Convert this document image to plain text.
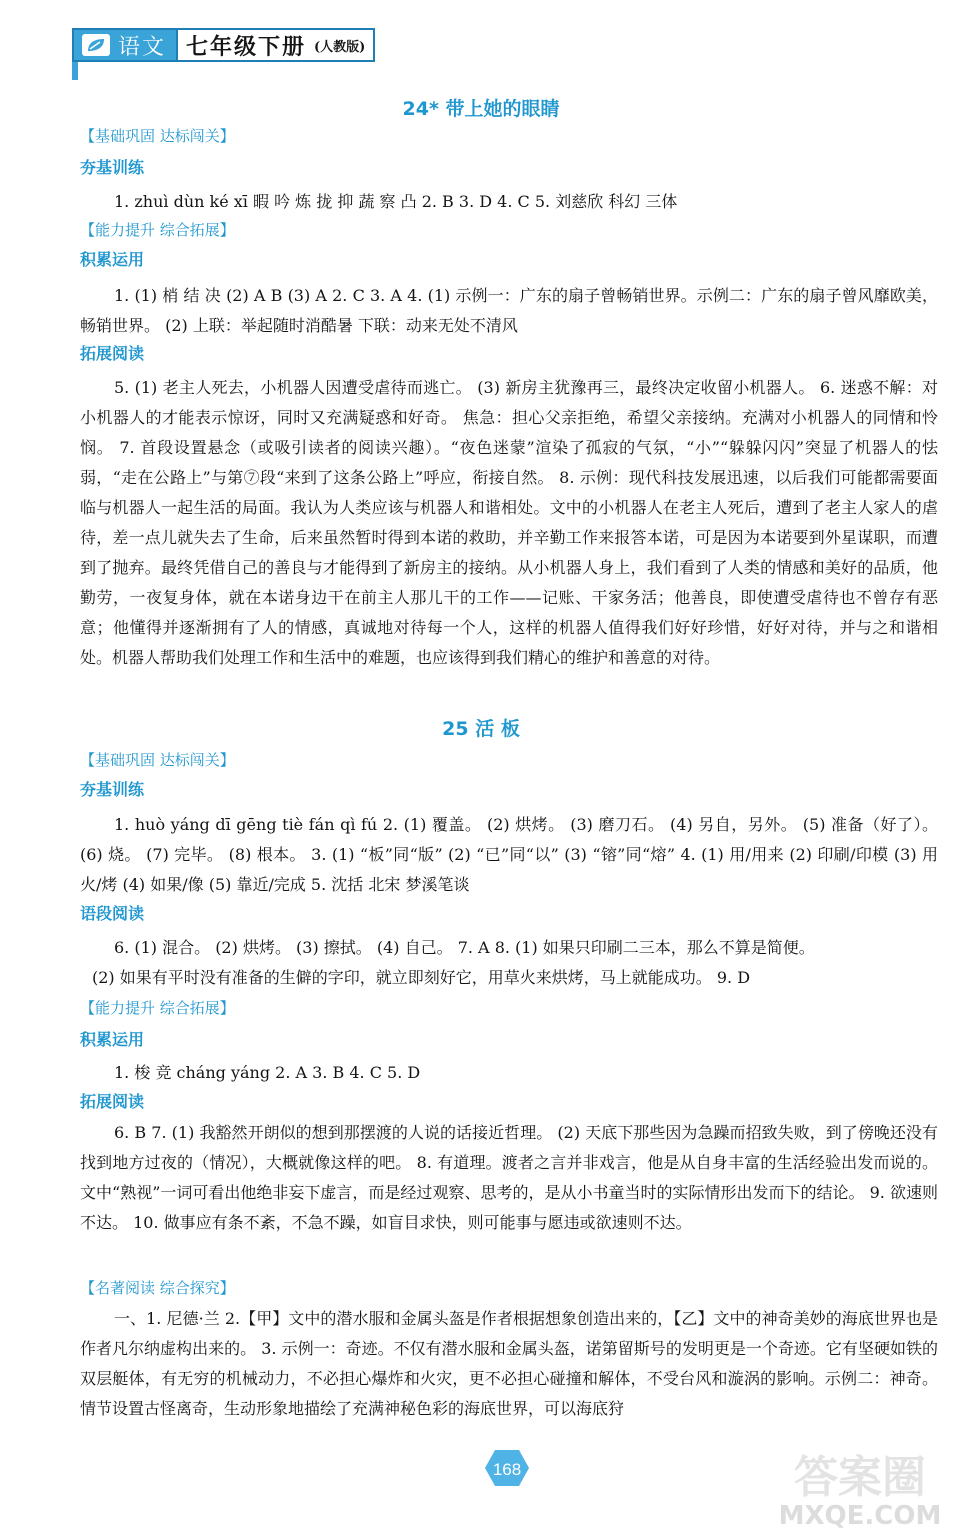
语文 七年级下册 (人教版)
24* 带上她的眼睛
【基础巩固 达标闯关】
夯基训练
1. zhuì dùn ké xī 暇 吟 炼 拢 抑 蔬 察 凸 2. B 3. D 4. C 5. 刘慈欣 科幻 三体
【能力提升 综合拓展】
积累运用
1. (1) 梢 结 决 (2) A B (3) A 2. C 3. A 4. (1) 示例一：广东的扇子曾畅销世界。示例二：广东的扇子曾风靡欧美，畅销世界。 (2) 上联：举起随时消酷暑 下联：动来无处不清风
拓展阅读
5. (1) 老主人死去，小机器人因遭受虐待而逃亡。 (3) 新房主犹豫再三，最终决定收留小机器人。 6. 迷惑不解：对小机器人的才能表示惊讶，同时又充满疑惑和好奇。 焦急：担心父亲拒绝，希望父亲接纳。充满对小机器人的同情和怜悯。 7. 首段设置悬念（或吸引读者的阅读兴趣）。“夜色迷蒙”渲染了孤寂的气氛，“小”“躲躲闪闪”突显了机器人的怯弱，“走在公路上”与第⑦段“来到了这条公路上”呼应，衔接自然。 8. 示例：现代科技发展迅速，以后我们可能都需要面临与机器人一起生活的局面。我认为人类应该与机器人和谐相处。文中的小机器人在老主人死后，遭到了老主人家人的虐待，差一点儿就失去了生命，后来虽然暂时得到本诺的救助，并辛勤工作来报答本诺，可是因为本诺要到外星谋职，而遭到了抛弃。最终凭借自己的善良与才能得到了新房主的接纳。从小机器人身上，我们看到了人类的情感和美好的品质，他勤劳，一夜复身体，就在本诺身边干在前主人那儿干的工作——记账、干家务活；他善良，即使遭受虐待也不曾存有恶意；他懂得并逐渐拥有了人的情感，真诚地对待每一个人，这样的机器人值得我们好好珍惜，好好对待，并与之和谐相处。机器人帮助我们处理工作和生活中的难题，也应该得到我们精心的维护和善意的对待。
25 活 板
【基础巩固 达标闯关】
夯基训练
1. huò yáng dī gēng tiè fán qì fú 2. (1) 覆盖。 (2) 烘烤。 (3) 磨刀石。 (4) 另自，另外。 (5) 准备（好了）。 (6) 烧。 (7) 完毕。 (8) 根本。 3. (1) “板”同“版” (2) “已”同“以” (3) “镕”同“熔” 4. (1) 用/用来 (2) 印刷/印模 (3) 用火/烤 (4) 如果/像 (5) 靠近/完成 5. 沈括 北宋 梦溪笔谈
语段阅读
6. (1) 混合。 (2) 烘烤。 (3) 擦拭。 (4) 自己。 7. A 8. (1) 如果只印刷二三本，那么不算是简便。
(2) 如果有平时没有准备的生僻的字印，就立即刻好它，用草火来烘烤，马上就能成功。 9. D
【能力提升 综合拓展】
积累运用
1. 梭 竞 cháng yáng 2. A 3. B 4. C 5. D
拓展阅读
6. B 7. (1) 我豁然开朗似的想到那摆渡的人说的话接近哲理。 (2) 天底下那些因为急躁而招致失败，到了傍晚还没有找到地方过夜的（情况），大概就像这样的吧。 8. 有道理。渡者之言并非戏言，他是从自身丰富的生活经验出发而说的。文中“熟视”一词可看出他绝非妄下虚言，而是经过观察、思考的，是从小书童当时的实际情形出发而下的结论。 9. 欲速则不达。 10. 做事应有条不紊，不急不躁，如盲目求快，则可能事与愿违或欲速则不达。
【名著阅读 综合探究】
一、1. 尼德·兰 2.【甲】文中的潜水服和金属头盔是作者根据想象创造出来的，【乙】文中的神奇美妙的海底世界也是作者凡尔纳虚构出来的。 3. 示例一：奇迹。不仅有潜水服和金属头盔，诺第留斯号的发明更是一个奇迹。它有坚硬如铁的双层艇体，有无穷的机械动力，不必担心爆炸和火灾，更不必担心碰撞和解体，不受台风和漩涡的影响。示例二：神奇。情节设置古怪离奇，生动形象地描绘了充满神秘色彩的海底世界，可以海底狩
168	答案圈
MXQE.COM
